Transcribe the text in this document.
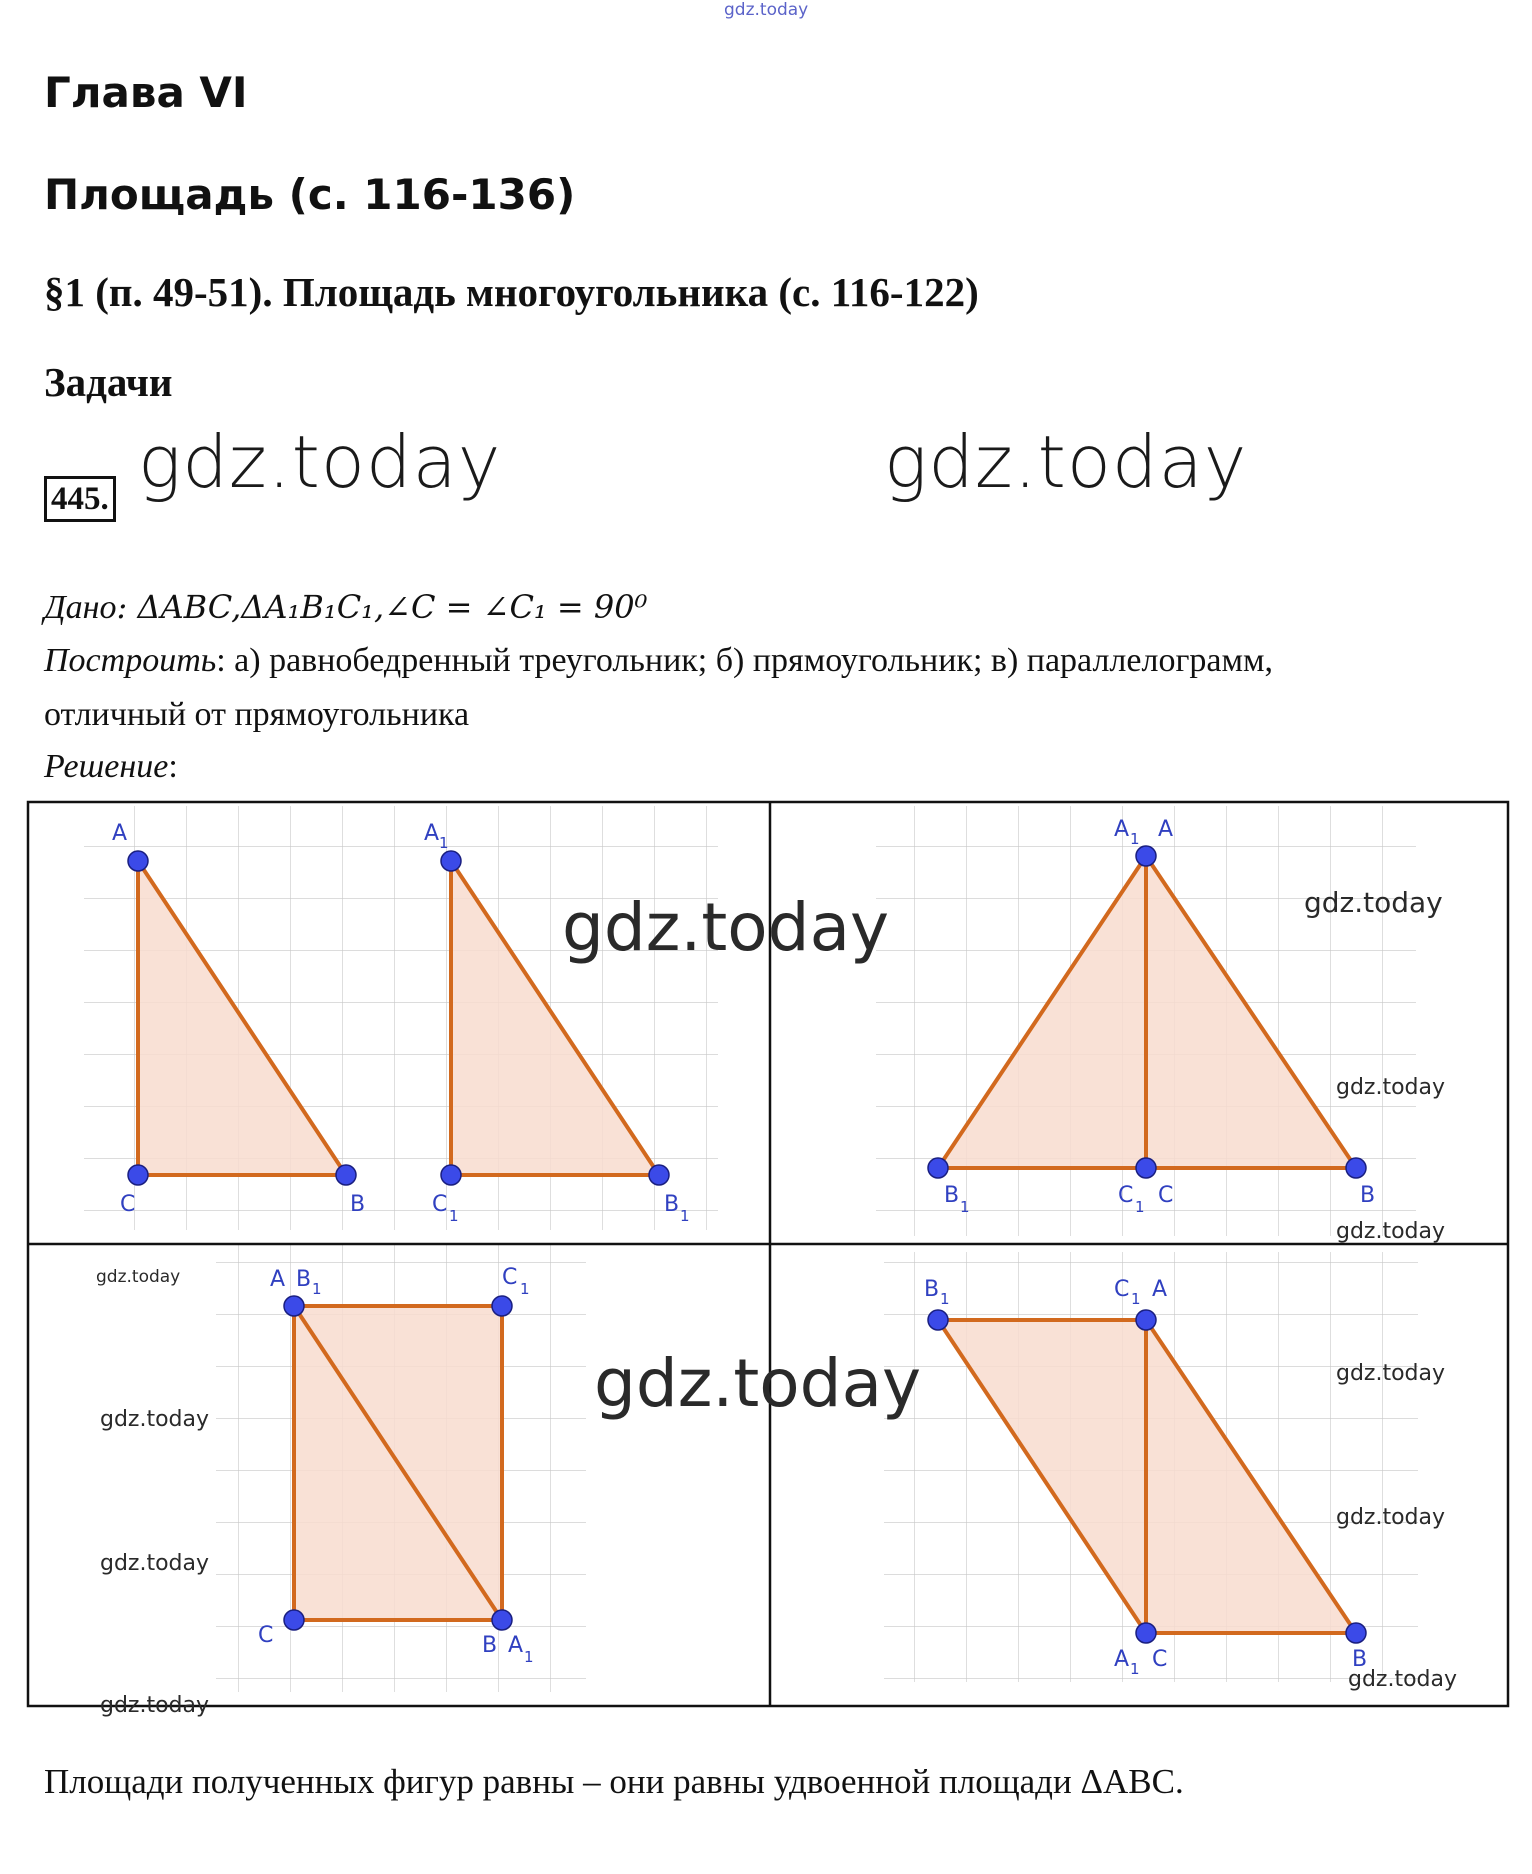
gdz.today
Глава VI
Площадь (с. 116-136)
§1 (п. 49-51). Площадь многоугольника (с. 116-122)
Задачи
445. gdz.today	gdz.today
Дано: ΔABC,ΔA₁B₁C₁,∠C = ∠C₁ = 90⁰
Построить: а) равнобедренный треугольник; б) прямоугольник; в) параллелограмм,
отличный от прямоугольника
Решение:
A
C	B
A 1
C 1	B 1
A 1 A
B 1	C 1 C	B
A B 1	C 1
C	B A 1
B 1	C 1 A
A 1 C	B
gdz.today
gdz.today
gdz.today
gdz.today
gdz.today
gdz.today
gdz.today
gdz.today
gdz.today
gdz.today
gdz.today
gdz.today
Площади полученных фигур равны – они равны удвоенной площади ΔABC.
